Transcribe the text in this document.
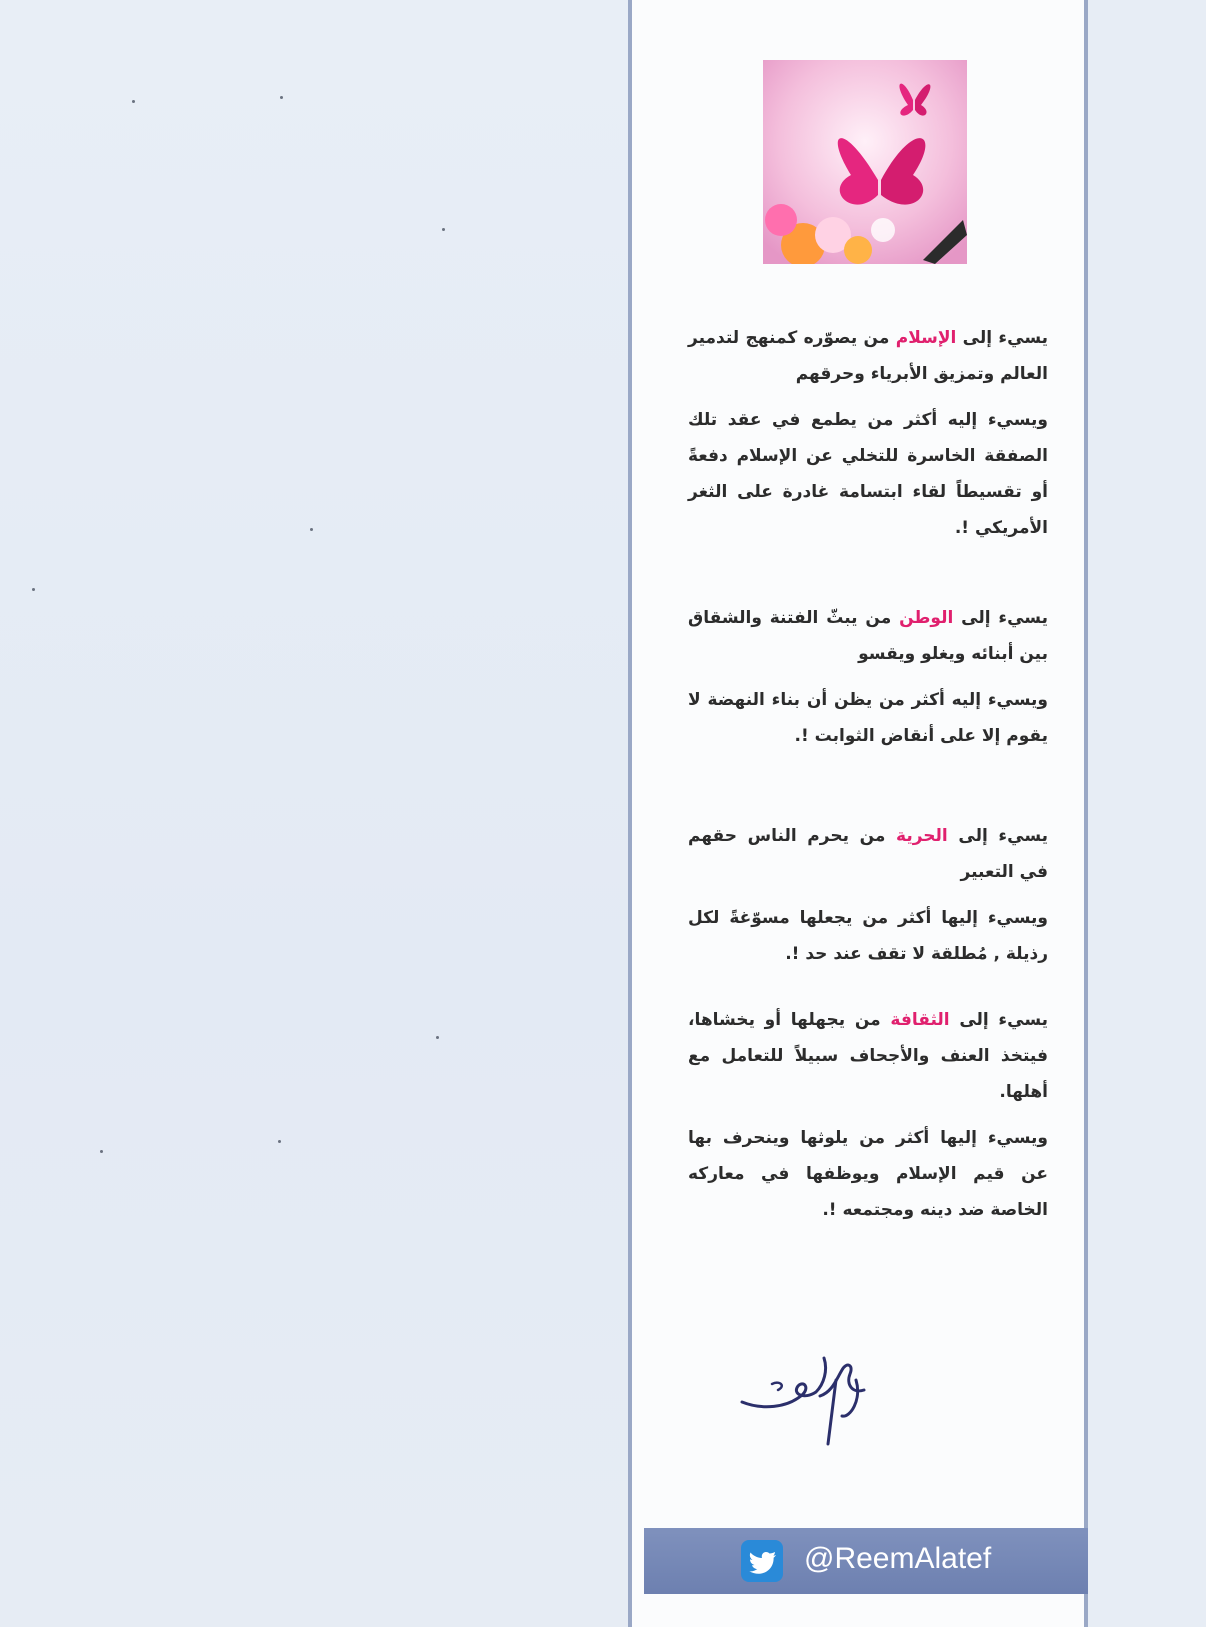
يسيء إلى الإسلام من يصوّره كمنهج لتدمير العالم وتمزيق الأبرياء وحرقهم
ويسيء إليه أكثر من يطمع في عقد تلك الصفقة الخاسرة للتخلي عن الإسلام دفعةً أو تقسيطاً لقاء ابتسامة غادرة على الثغر الأمريكي !.
يسيء إلى الوطن من يبثّ الفتنة والشقاق بين أبنائه ويغلو ويقسو
ويسيء إليه أكثر من يظن أن بناء النهضة لا يقوم إلا على أنقاض الثوابت !.
يسيء إلى الحرية من يحرم الناس حقهم في التعبير
ويسيء إليها أكثر من يجعلها مسوّغةً لكل رذيلة , مُطلقة لا تقف عند حد !.
يسيء إلى الثقافة من يجهلها أو يخشاها، فيتخذ العنف والأجحاف سبيلاً للتعامل مع أهلها.
ويسيء إليها أكثر من يلوثها وينحرف بها عن قيم الإسلام ويوظفها في معاركه الخاصة ضد دينه ومجتمعه !.
@ReemAlatef
